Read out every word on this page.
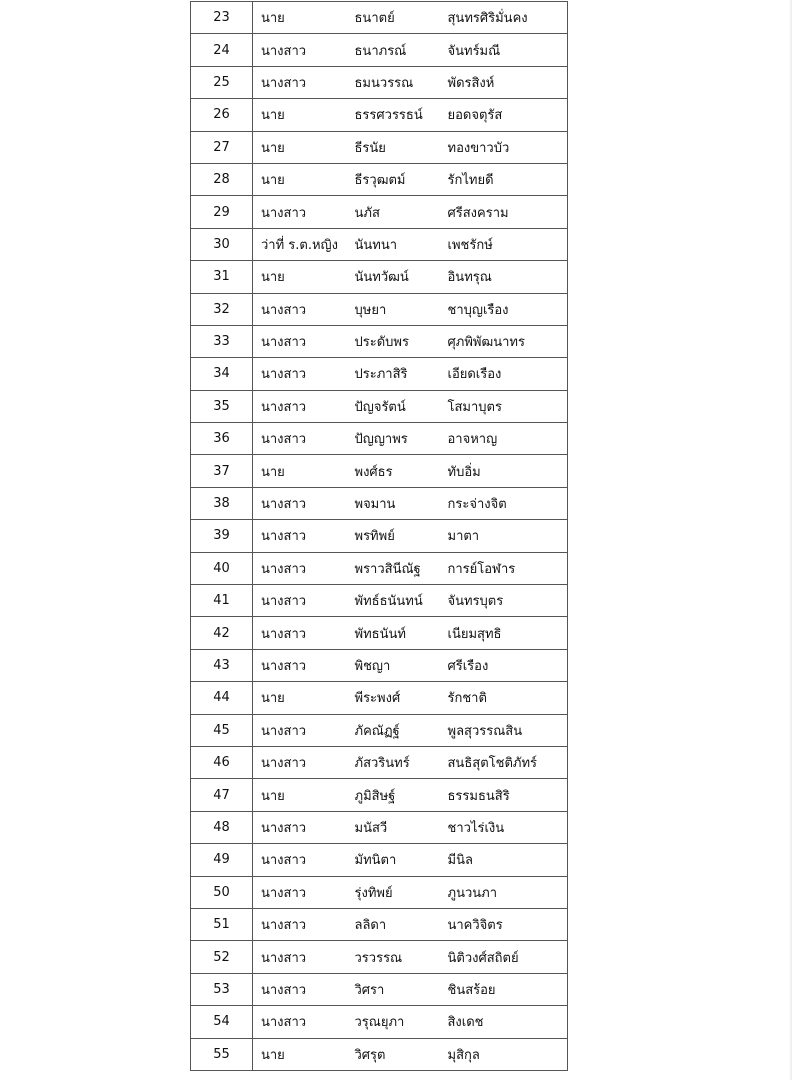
23	นาย	ธนาตย์	สุนทรศิริมั่นคง
24	นางสาว	ธนาภรณ์	จันทร์มณี
25	นางสาว	ธมนวรรณ	พัดรสิงห์
26	นาย	ธรรศวรรธน์	ยอดจตุรัส
27	นาย	ธีรนัย	ทองขาวบัว
28	นาย	ธีรวุฒตม์	รักไทยดี
29	นางสาว	นภัส	ศรีสงคราม
30	ว่าที่ ร.ต.หญิง	นันทนา	เพชรักษ์
31	นาย	นันทวัฒน์	อินทรุณ
32	นางสาว	บุษยา	ชาบุญเรือง
33	นางสาว	ประดับพร	ศุภพิพัฒนาทร
34	นางสาว	ประภาสิริ	เอียดเรือง
35	นางสาว	ปัญจรัตน์	โสมาบุตร
36	นางสาว	ปัญญาพร	อาจหาญ
37	นาย	พงศ์ธร	ทับอิ่ม
38	นางสาว	พจมาน	กระจ่างจิต
39	นางสาว	พรทิพย์	มาตา
40	นางสาว	พราวสินีณัฐ	การย์โอฬาร
41	นางสาว	พัทธ์ธนันทน์	จันทรบุตร
42	นางสาว	พัทธนันท์	เนียมสุทธิ
43	นางสาว	พิชญา	ศรีเรือง
44	นาย	พีระพงศ์	รักชาติ
45	นางสาว	ภัคณัฏฐ์	พูลสุวรรณสิน
46	นางสาว	ภัสวรินทร์	สนธิสุตโชติภัทร์
47	นาย	ภูมิสิษฐ์	ธรรมธนสิริ
48	นางสาว	มนัสวี	ชาวไร่เงิน
49	นางสาว	มัทนิตา	มีนิล
50	นางสาว	รุ่งทิพย์	ภูนวนภา
51	นางสาว	ลลิดา	นาควิจิตร
52	นางสาว	วรวรรณ	นิติวงศ์สถิตย์
53	นางสาว	วิศรา	ชินสร้อย
54	นางสาว	วรุณยุภา	สิงเดช
55	นาย	วิศรุต	มุสิกุล
